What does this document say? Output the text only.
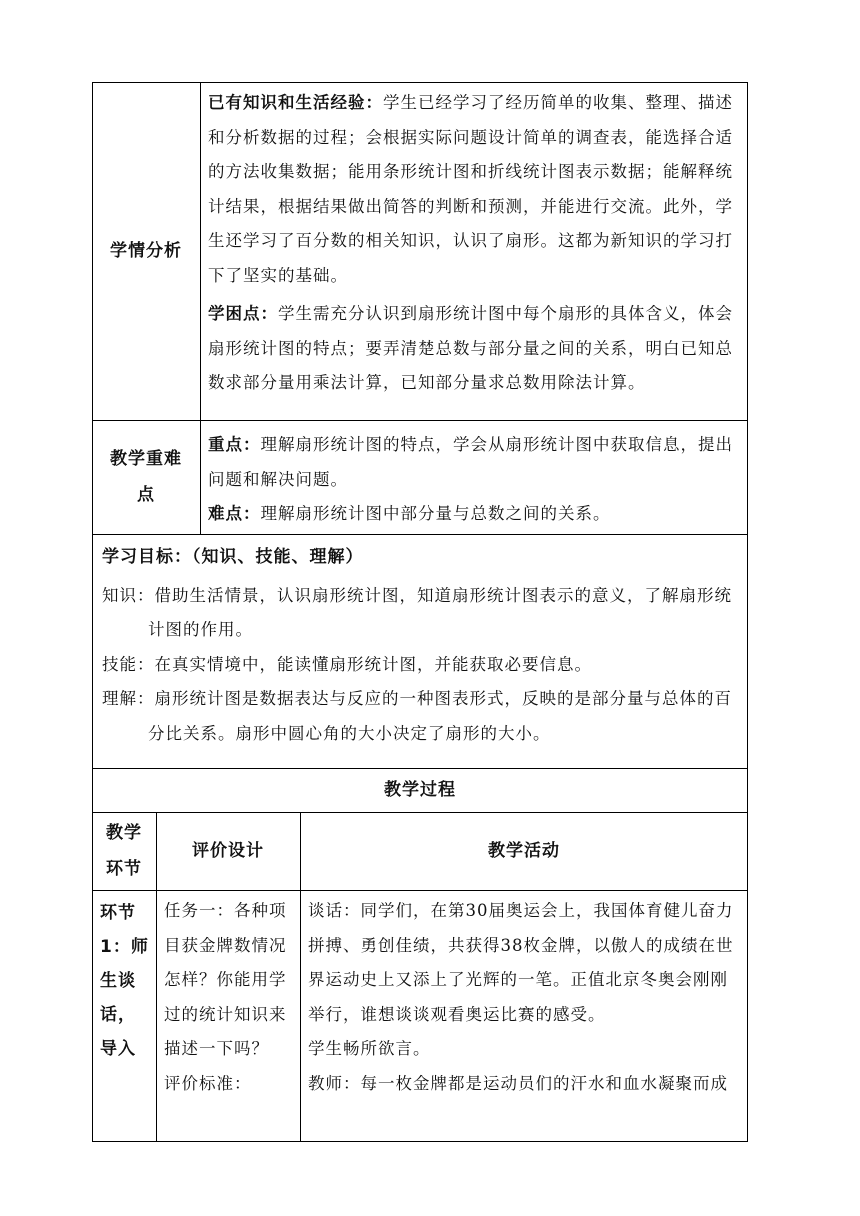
学情分析

已有知识和生活经验：学生已经学习了经历简单的收集、整理、描述和分析数据的过程；会根据实际问题设计简单的调查表，能选择合适的方法收集数据；能用条形统计图和折线统计图表示数据；能解释统计结果，根据结果做出简答的判断和预测，并能进行交流。此外，学生还学习了百分数的相关知识，认识了扇形。这都为新知识的学习打下了坚实的基础。

学困点：学生需充分认识到扇形统计图中每个扇形的具体含义，体会扇形统计图的特点；要弄清楚总数与部分量之间的关系，明白已知总数求部分量用乘法计算，已知部分量求总数用除法计算。

教学重难点

重点：理解扇形统计图的特点，学会从扇形统计图中获取信息，提出问题和解决问题。

难点：理解扇形统计图中部分量与总数之间的关系。

学习目标：（知识、技能、理解）

知识：借助生活情景，认识扇形统计图，知道扇形统计图表示的意义，了解扇形统计图的作用。

技能：在真实情境中，能读懂扇形统计图，并能获取必要信息。

理解：扇形统计图是数据表达与反应的一种图表形式，反映的是部分量与总体的百分比关系。扇形中圆心角的大小决定了扇形的大小。

教学过程
教学环节
评价设计	教学活动
环节1：师生谈话，导入

任务一：各种项目获金牌数情况怎样？你能用学过的统计知识来描述一下吗？

评价标准：

谈话：同学们，在第30届奥运会上，我国体育健儿奋力拼搏、勇创佳绩，共获得38枚金牌，以傲人的成绩在世界运动史上又添上了光辉的一笔。正值北京冬奥会刚刚举行，谁想谈谈观看奥运比赛的感受。

学生畅所欲言。

教师：每一枚金牌都是运动员们的汗水和血水凝聚而成
